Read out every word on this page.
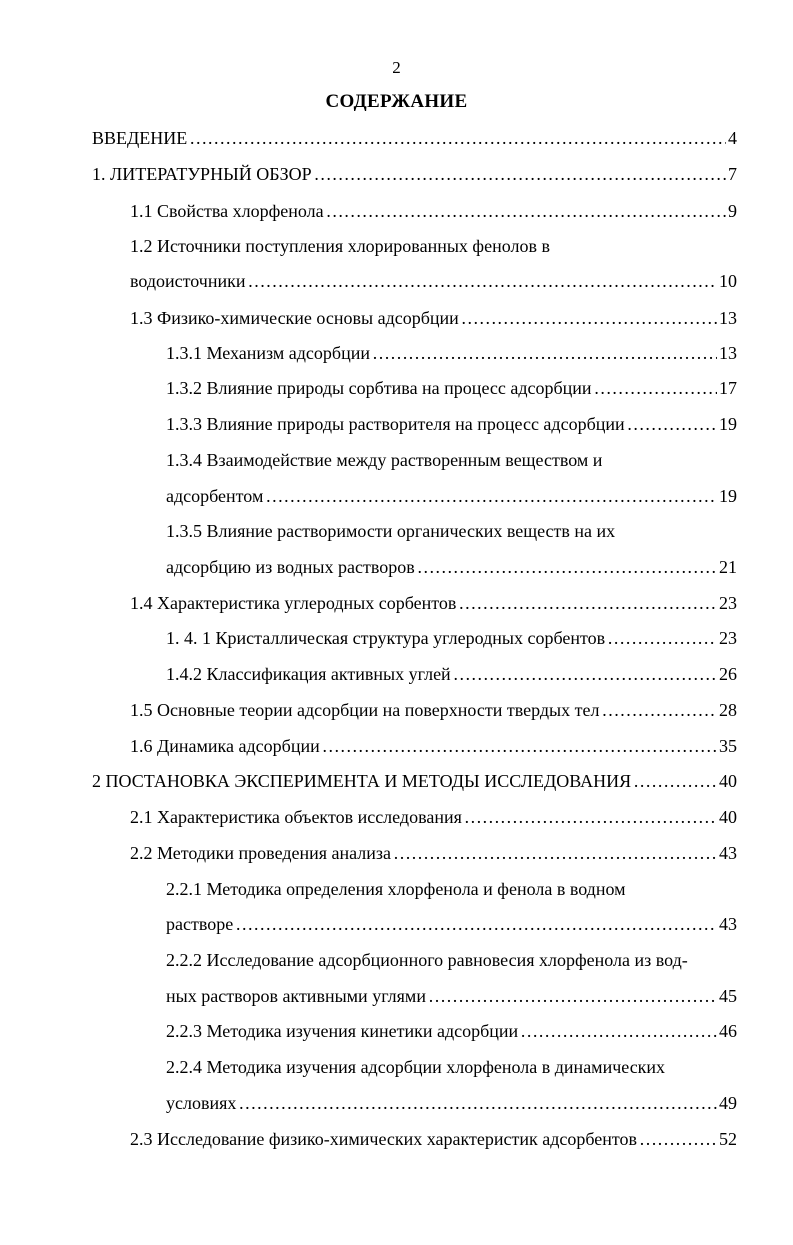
2
СОДЕРЖАНИЕ
ВВЕДЕНИЕ ……………………………………………………………………………………………………………………………………………………………………………………………	4
1. ЛИТЕРАТУРНЫЙ ОБЗОР ……………………………………………………………………………………………………………………………………………………………………………………………	7
1.1 Свойства хлорфенола ……………………………………………………………………………………………………………………………………………………………………………………………	9
1.2 Источники поступления хлорированных фенолов в
водоисточники ……………………………………………………………………………………………………………………………………………………………………………………………	10
1.3 Физико-химические основы адсорбции ……………………………………………………………………………………………………………………………………………………………………………………………	13
1.3.1 Механизм адсорбции ……………………………………………………………………………………………………………………………………………………………………………………………	13
1.3.2 Влияние природы сорбтива на процесс адсорбции ……………………………………………………………………………………………………………………………………………………………………………………………	17
1.3.3 Влияние природы растворителя на процесс адсорбции ……………………………………………………………………………………………………………………………………………………………………………………………	19
1.3.4 Взаимодействие между растворенным веществом и
адсорбентом ……………………………………………………………………………………………………………………………………………………………………………………………	19
1.3.5 Влияние растворимости органических веществ на их
адсорбцию из водных растворов ……………………………………………………………………………………………………………………………………………………………………………………………	21
1.4 Характеристика углеродных сорбентов ……………………………………………………………………………………………………………………………………………………………………………………………	23
1. 4. 1 Кристаллическая структура углеродных сорбентов ……………………………………………………………………………………………………………………………………………………………………………………………	23
1.4.2 Классификация активных углей ……………………………………………………………………………………………………………………………………………………………………………………………	26
1.5 Основные теории адсорбции на поверхности твердых тел ……………………………………………………………………………………………………………………………………………………………………………………………	28
1.6 Динамика адсорбции ……………………………………………………………………………………………………………………………………………………………………………………………	35
2 ПОСТАНОВКА ЭКСПЕРИМЕНТА И МЕТОДЫ ИССЛЕДОВАНИЯ ……………………………………………………………………………………………………………………………………………………………………………………………	40
2.1 Характеристика объектов исследования ……………………………………………………………………………………………………………………………………………………………………………………………	40
2.2 Методики проведения анализа ……………………………………………………………………………………………………………………………………………………………………………………………	43
2.2.1 Методика определения хлорфенола и фенола в водном
растворе ……………………………………………………………………………………………………………………………………………………………………………………………	43
2.2.2 Исследование адсорбционного равновесия хлорфенола из вод-
ных растворов активными углями ……………………………………………………………………………………………………………………………………………………………………………………………	45
2.2.3 Методика изучения кинетики адсорбции ……………………………………………………………………………………………………………………………………………………………………………………………	46
2.2.4 Методика изучения адсорбции хлорфенола в динамических
условиях ……………………………………………………………………………………………………………………………………………………………………………………………	49
2.3 Исследование физико-химических характеристик адсорбентов ……………………………………………………………………………………………………………………………………………………………………………………………	52
